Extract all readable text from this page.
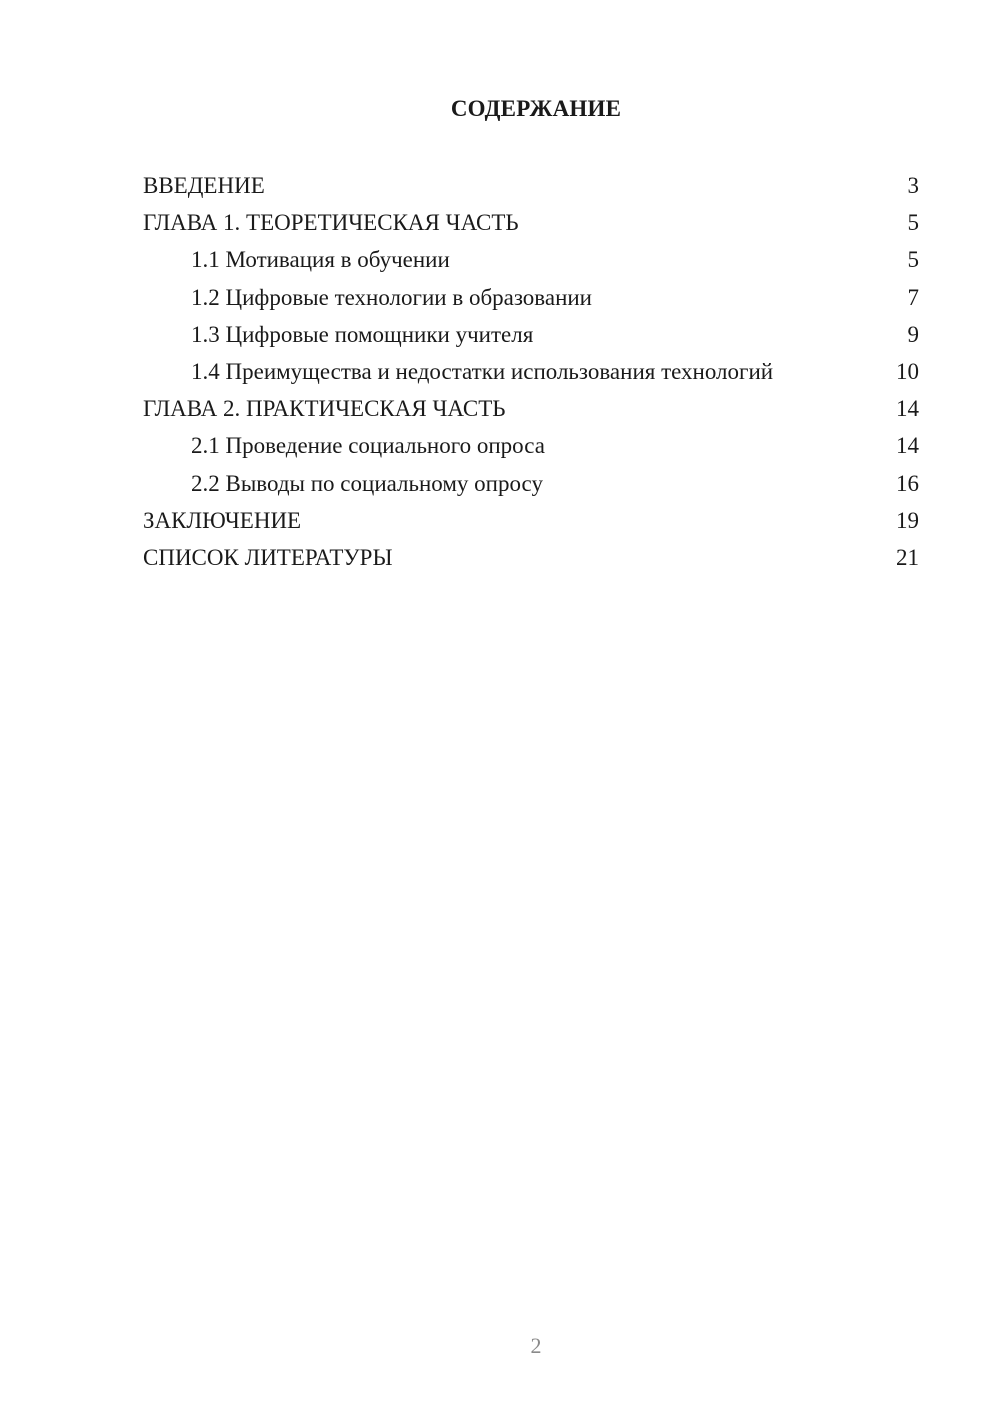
СОДЕРЖАНИЕ
ВВЕДЕНИЕ	3
ГЛАВА 1. ТЕОРЕТИЧЕСКАЯ ЧАСТЬ	5
1.1 Мотивация в обучении	5
1.2 Цифровые технологии в образовании	7
1.3 Цифровые помощники учителя	9
1.4 Преимущества и недостатки использования технологий	10
ГЛАВА 2. ПРАКТИЧЕСКАЯ ЧАСТЬ	14
2.1 Проведение социального опроса	14
2.2 Выводы по социальному опросу	16
ЗАКЛЮЧЕНИЕ	19
СПИСОК ЛИТЕРАТУРЫ	21
2
